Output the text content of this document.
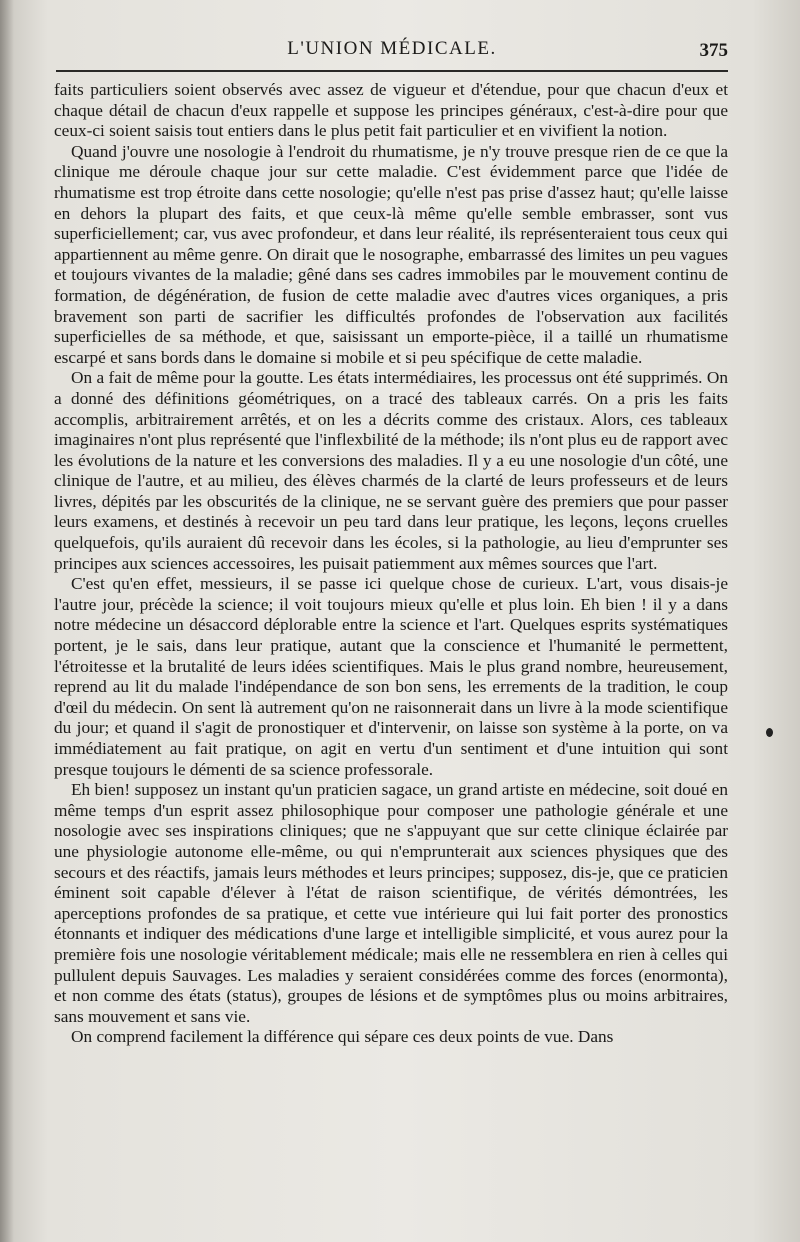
L'UNION MÉDICALE.	375

faits particuliers soient observés avec assez de vigueur et d'étendue, pour que chacun d'eux et chaque détail de chacun d'eux rappelle et suppose les principes généraux, c'est-à-dire pour que ceux-ci soient saisis tout entiers dans le plus petit fait particulier et en vivifient la notion.

Quand j'ouvre une nosologie à l'endroit du rhumatisme, je n'y trouve presque rien de ce que la clinique me déroule chaque jour sur cette maladie. C'est évidemment parce que l'idée de rhumatisme est trop étroite dans cette nosologie; qu'elle n'est pas prise d'assez haut; qu'elle laisse en dehors la plupart des faits, et que ceux-là même qu'elle semble embrasser, sont vus superficiellement; car, vus avec profondeur, et dans leur réalité, ils représenteraient tous ceux qui appartiennent au même genre. On dirait que le nosographe, embarrassé des limites un peu vagues et toujours vivantes de la maladie; gêné dans ses cadres immobiles par le mouvement continu de formation, de dégénération, de fusion de cette maladie avec d'autres vices organiques, a pris bravement son parti de sacrifier les difficultés profondes de l'observation aux facilités superficielles de sa méthode, et que, saisissant un emporte-pièce, il a taillé un rhumatisme escarpé et sans bords dans le domaine si mobile et si peu spécifique de cette maladie.

On a fait de même pour la goutte. Les états intermédiaires, les processus ont été supprimés. On a donné des définitions géométriques, on a tracé des tableaux carrés. On a pris les faits accomplis, arbitrairement arrêtés, et on les a décrits comme des cristaux. Alors, ces tableaux imaginaires n'ont plus représenté que l'inflexbilité de la méthode; ils n'ont plus eu de rapport avec les évolutions de la nature et les conversions des maladies. Il y a eu une nosologie d'un côté, une clinique de l'autre, et au milieu, des élèves charmés de la clarté de leurs professeurs et de leurs livres, dépités par les obscurités de la clinique, ne se servant guère des premiers que pour passer leurs examens, et destinés à recevoir un peu tard dans leur pratique, les leçons, leçons cruelles quelquefois, qu'ils auraient dû recevoir dans les écoles, si la pathologie, au lieu d'emprunter ses principes aux sciences accessoires, les puisait patiemment aux mêmes sources que l'art.

C'est qu'en effet, messieurs, il se passe ici quelque chose de curieux. L'art, vous disais-je l'autre jour, précède la science; il voit toujours mieux qu'elle et plus loin. Eh bien ! il y a dans notre médecine un désaccord déplorable entre la science et l'art. Quelques esprits systématiques portent, je le sais, dans leur pratique, autant que la conscience et l'humanité le permettent, l'étroitesse et la brutalité de leurs idées scientifiques. Mais le plus grand nombre, heureusement, reprend au lit du malade l'indépendance de son bon sens, les errements de la tradition, le coup d'œil du médecin. On sent là autrement qu'on ne raisonnerait dans un livre à la mode scientifique du jour; et quand il s'agit de pronostiquer et d'intervenir, on laisse son système à la porte, on va immédiatement au fait pratique, on agit en vertu d'un sentiment et d'une intuition qui sont presque toujours le démenti de sa science professorale.

Eh bien! supposez un instant qu'un praticien sagace, un grand artiste en médecine, soit doué en même temps d'un esprit assez philosophique pour composer une pathologie générale et une nosologie avec ses inspirations cliniques; que ne s'appuyant que sur cette clinique éclairée par une physiologie autonome elle-même, ou qui n'emprunterait aux sciences physiques que des secours et des réactifs, jamais leurs méthodes et leurs principes; supposez, dis-je, que ce praticien éminent soit capable d'élever à l'état de raison scientifique, de vérités démontrées, les aperceptions profondes de sa pratique, et cette vue intérieure qui lui fait porter des pronostics étonnants et indiquer des médications d'une large et intelligible simplicité, et vous aurez pour la première fois une nosologie véritablement médicale; mais elle ne ressemblera en rien à celles qui pullulent depuis Sauvages. Les maladies y seraient considérées comme des forces (enormonta), et non comme des états (status), groupes de lésions et de symptômes plus ou moins arbitraires, sans mouvement et sans vie.

On comprend facilement la différence qui sépare ces deux points de vue. Dans
